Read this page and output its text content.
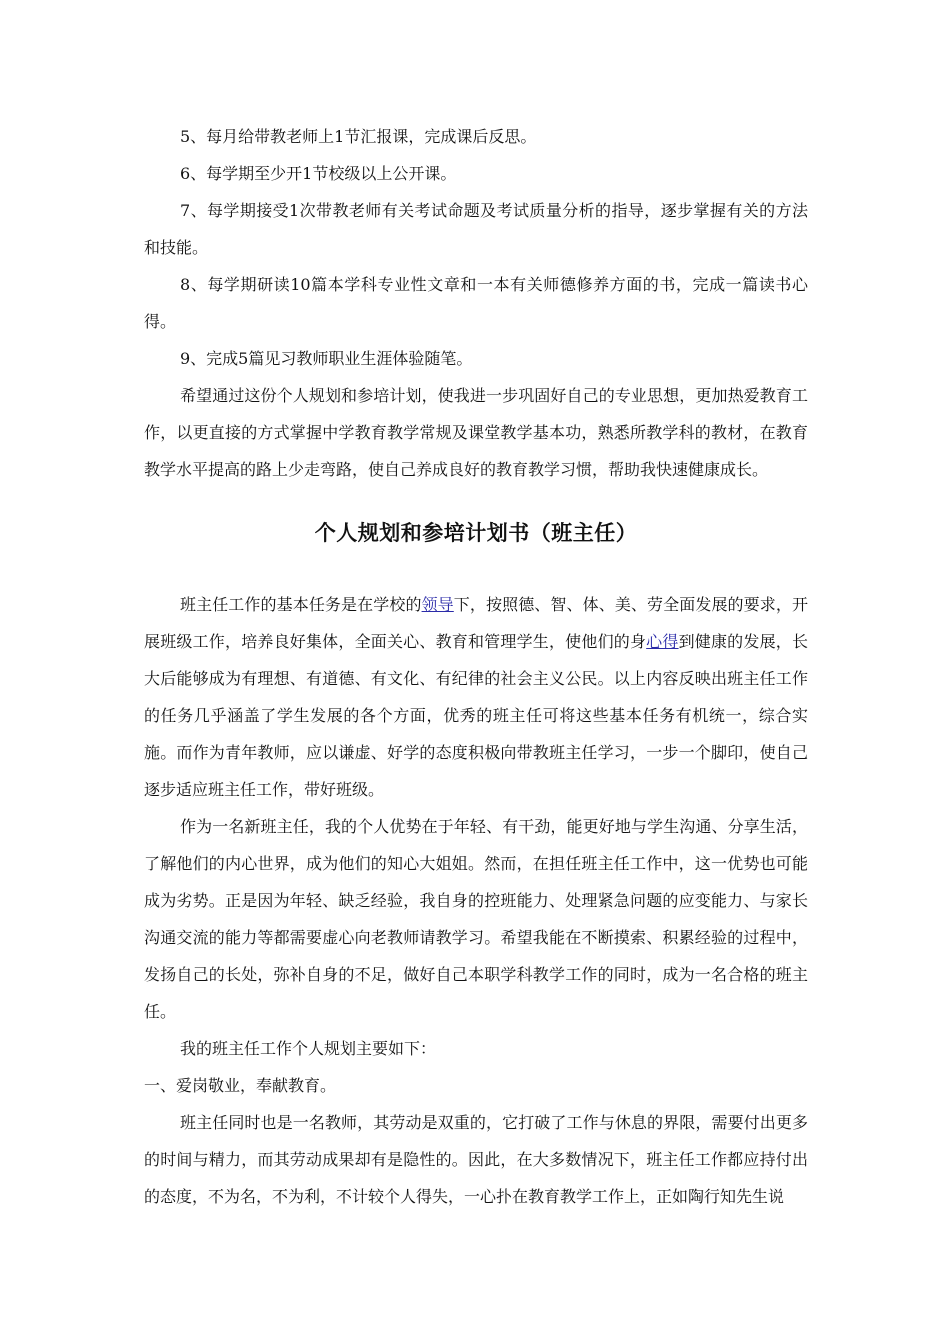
5、每月给带教老师上1节汇报课，完成课后反思。

6、每学期至少开1节校级以上公开课。

7、每学期接受1次带教老师有关考试命题及考试质量分析的指导，逐步掌握有关的方法和技能。

8、每学期研读10篇本学科专业性文章和一本有关师德修养方面的书，完成一篇读书心得。

9、完成5篇见习教师职业生涯体验随笔。

希望通过这份个人规划和参培计划，使我进一步巩固好自己的专业思想，更加热爱教育工作，以更直接的方式掌握中学教育教学常规及课堂教学基本功，熟悉所教学科的教材，在教育教学水平提高的路上少走弯路，使自己养成良好的教育教学习惯，帮助我快速健康成长。

个人规划和参培计划书（班主任）

班主任工作的基本任务是在学校的领导下，按照德、智、体、美、劳全面发展的要求，开展班级工作，培养良好集体，全面关心、教育和管理学生，使他们的身心得到健康的发展，长大后能够成为有理想、有道德、有文化、有纪律的社会主义公民。以上内容反映出班主任工作的任务几乎涵盖了学生发展的各个方面，优秀的班主任可将这些基本任务有机统一，综合实施。而作为青年教师，应以谦虚、好学的态度积极向带教班主任学习，一步一个脚印，使自己逐步适应班主任工作，带好班级。

作为一名新班主任，我的个人优势在于年轻、有干劲，能更好地与学生沟通、分享生活，了解他们的内心世界，成为他们的知心大姐姐。然而，在担任班主任工作中，这一优势也可能成为劣势。正是因为年轻、缺乏经验，我自身的控班能力、处理紧急问题的应变能力、与家长沟通交流的能力等都需要虚心向老教师请教学习。希望我能在不断摸索、积累经验的过程中，发扬自己的长处，弥补自身的不足，做好自己本职学科教学工作的同时，成为一名合格的班主任。

我的班主任工作个人规划主要如下：

一、爱岗敬业，奉献教育。

班主任同时也是一名教师，其劳动是双重的，它打破了工作与休息的界限，需要付出更多的时间与精力，而其劳动成果却有是隐性的。因此，在大多数情况下，班主任工作都应持付出的态度，不为名，不为利，不计较个人得失，一心扑在教育教学工作上，正如陶行知先生说
